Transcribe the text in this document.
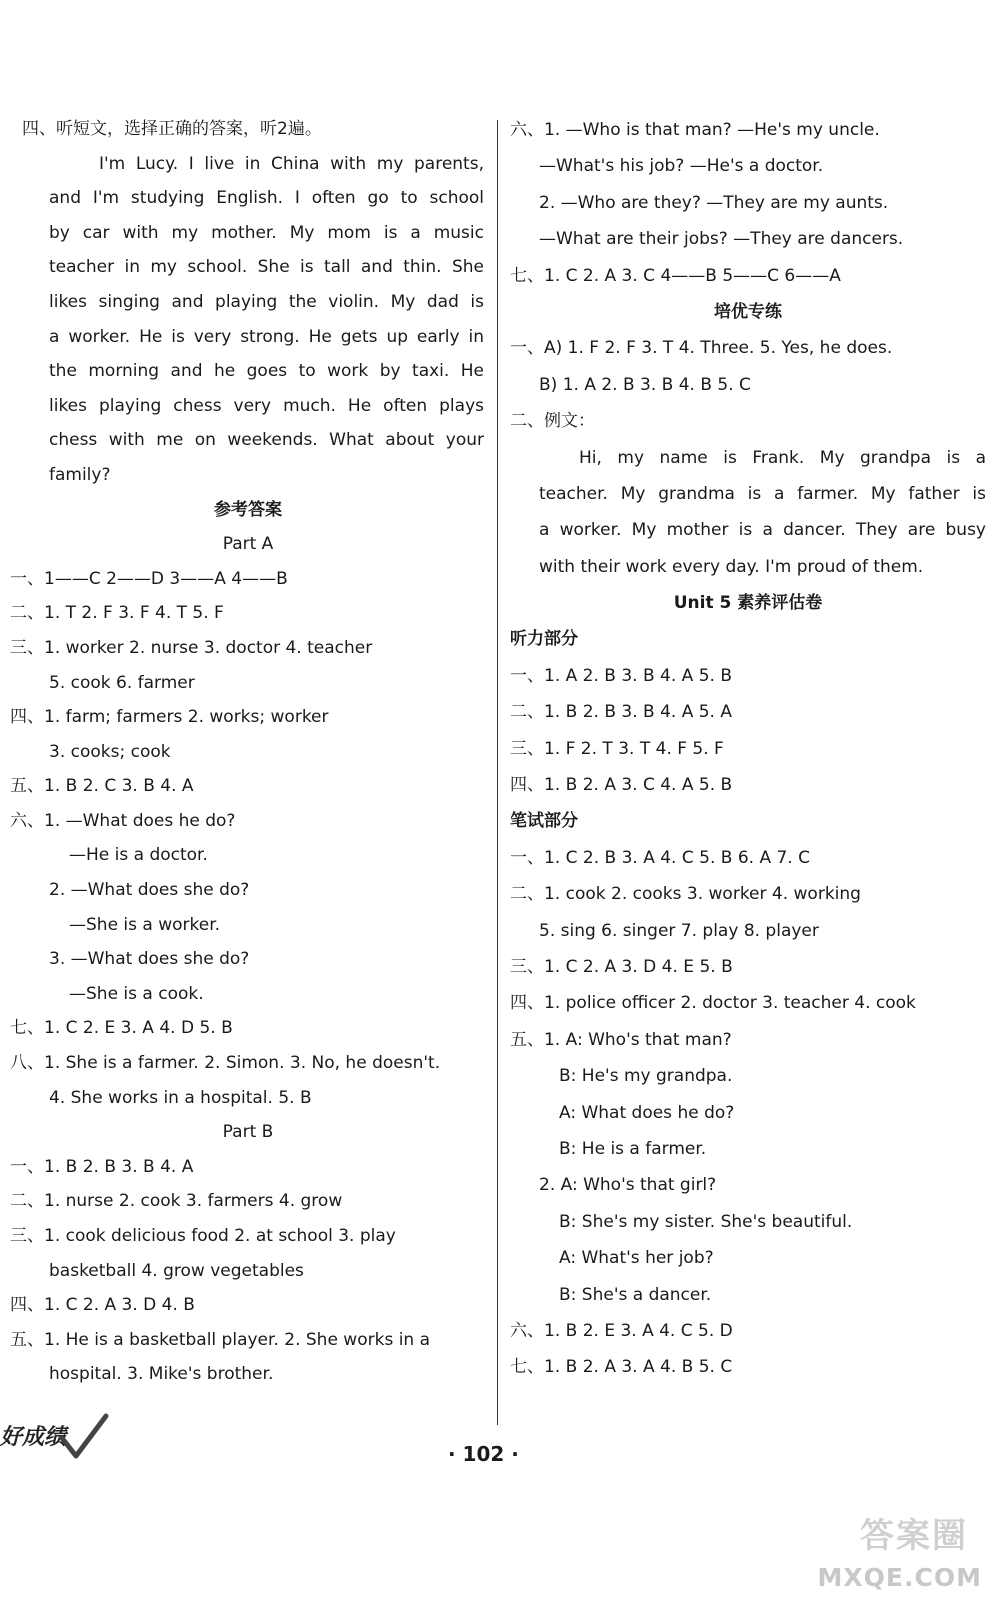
好成绩
四、听短文，选择正确的答案，听2遍。
I'm Lucy. I live in China with my parents,
and I'm studying English. I often go to school
by car with my mother. My mom is a music
teacher in my school. She is tall and thin. She
likes singing and playing the violin. My dad is
a worker. He is very strong. He gets up early in
the morning and he goes to work by taxi. He
likes playing chess very much. He often plays
chess with me on weekends. What about your
family?
参考答案
Part A
一、1——C 2——D 3——A 4——B
二、1. T 2. F 3. F 4. T 5. F
三、1. worker 2. nurse 3. doctor 4. teacher
5. cook 6. farmer
四、1. farm; farmers 2. works; worker
3. cooks; cook
五、1. B 2. C 3. B 4. A
六、1. —What does he do?
—He is a doctor.
2. —What does she do?
—She is a worker.
3. —What does she do?
—She is a cook.
七、1. C 2. E 3. A 4. D 5. B
八、1. She is a farmer. 2. Simon. 3. No, he doesn't.
4. She works in a hospital. 5. B
Part B
一、1. B 2. B 3. B 4. A
二、1. nurse 2. cook 3. farmers 4. grow
三、1. cook delicious food 2. at school 3. play
basketball 4. grow vegetables
四、1. C 2. A 3. D 4. B
五、1. He is a basketball player. 2. She works in a
hospital. 3. Mike's brother.
六、1. —Who is that man? —He's my uncle.
—What's his job? —He's a doctor.
2. —Who are they? —They are my aunts.
—What are their jobs? —They are dancers.
七、1. C 2. A 3. C 4——B 5——C 6——A
培优专练
一、A) 1. F 2. F 3. T 4. Three. 5. Yes, he does.
B) 1. A 2. B 3. B 4. B 5. C
二、例文：
Hi, my name is Frank. My grandpa is a
teacher. My grandma is a farmer. My father is
a worker. My mother is a dancer. They are busy
with their work every day. I'm proud of them.
Unit 5 素养评估卷
听力部分
一、1. A 2. B 3. B 4. A 5. B
二、1. B 2. B 3. B 4. A 5. A
三、1. F 2. T 3. T 4. F 5. F
四、1. B 2. A 3. C 4. A 5. B
笔试部分
一、1. C 2. B 3. A 4. C 5. B 6. A 7. C
二、1. cook 2. cooks 3. worker 4. working
5. sing 6. singer 7. play 8. player
三、1. C 2. A 3. D 4. E 5. B
四、1. police officer 2. doctor 3. teacher 4. cook
五、1. A: Who's that man?
B: He's my grandpa.
A: What does he do?
B: He is a farmer.
2. A: Who's that girl?
B: She's my sister. She's beautiful.
A: What's her job?
B: She's a dancer.
六、1. B 2. E 3. A 4. C 5. D
七、1. B 2. A 3. A 4. B 5. C
· 102 ·
答案圈
MXQE.COM
